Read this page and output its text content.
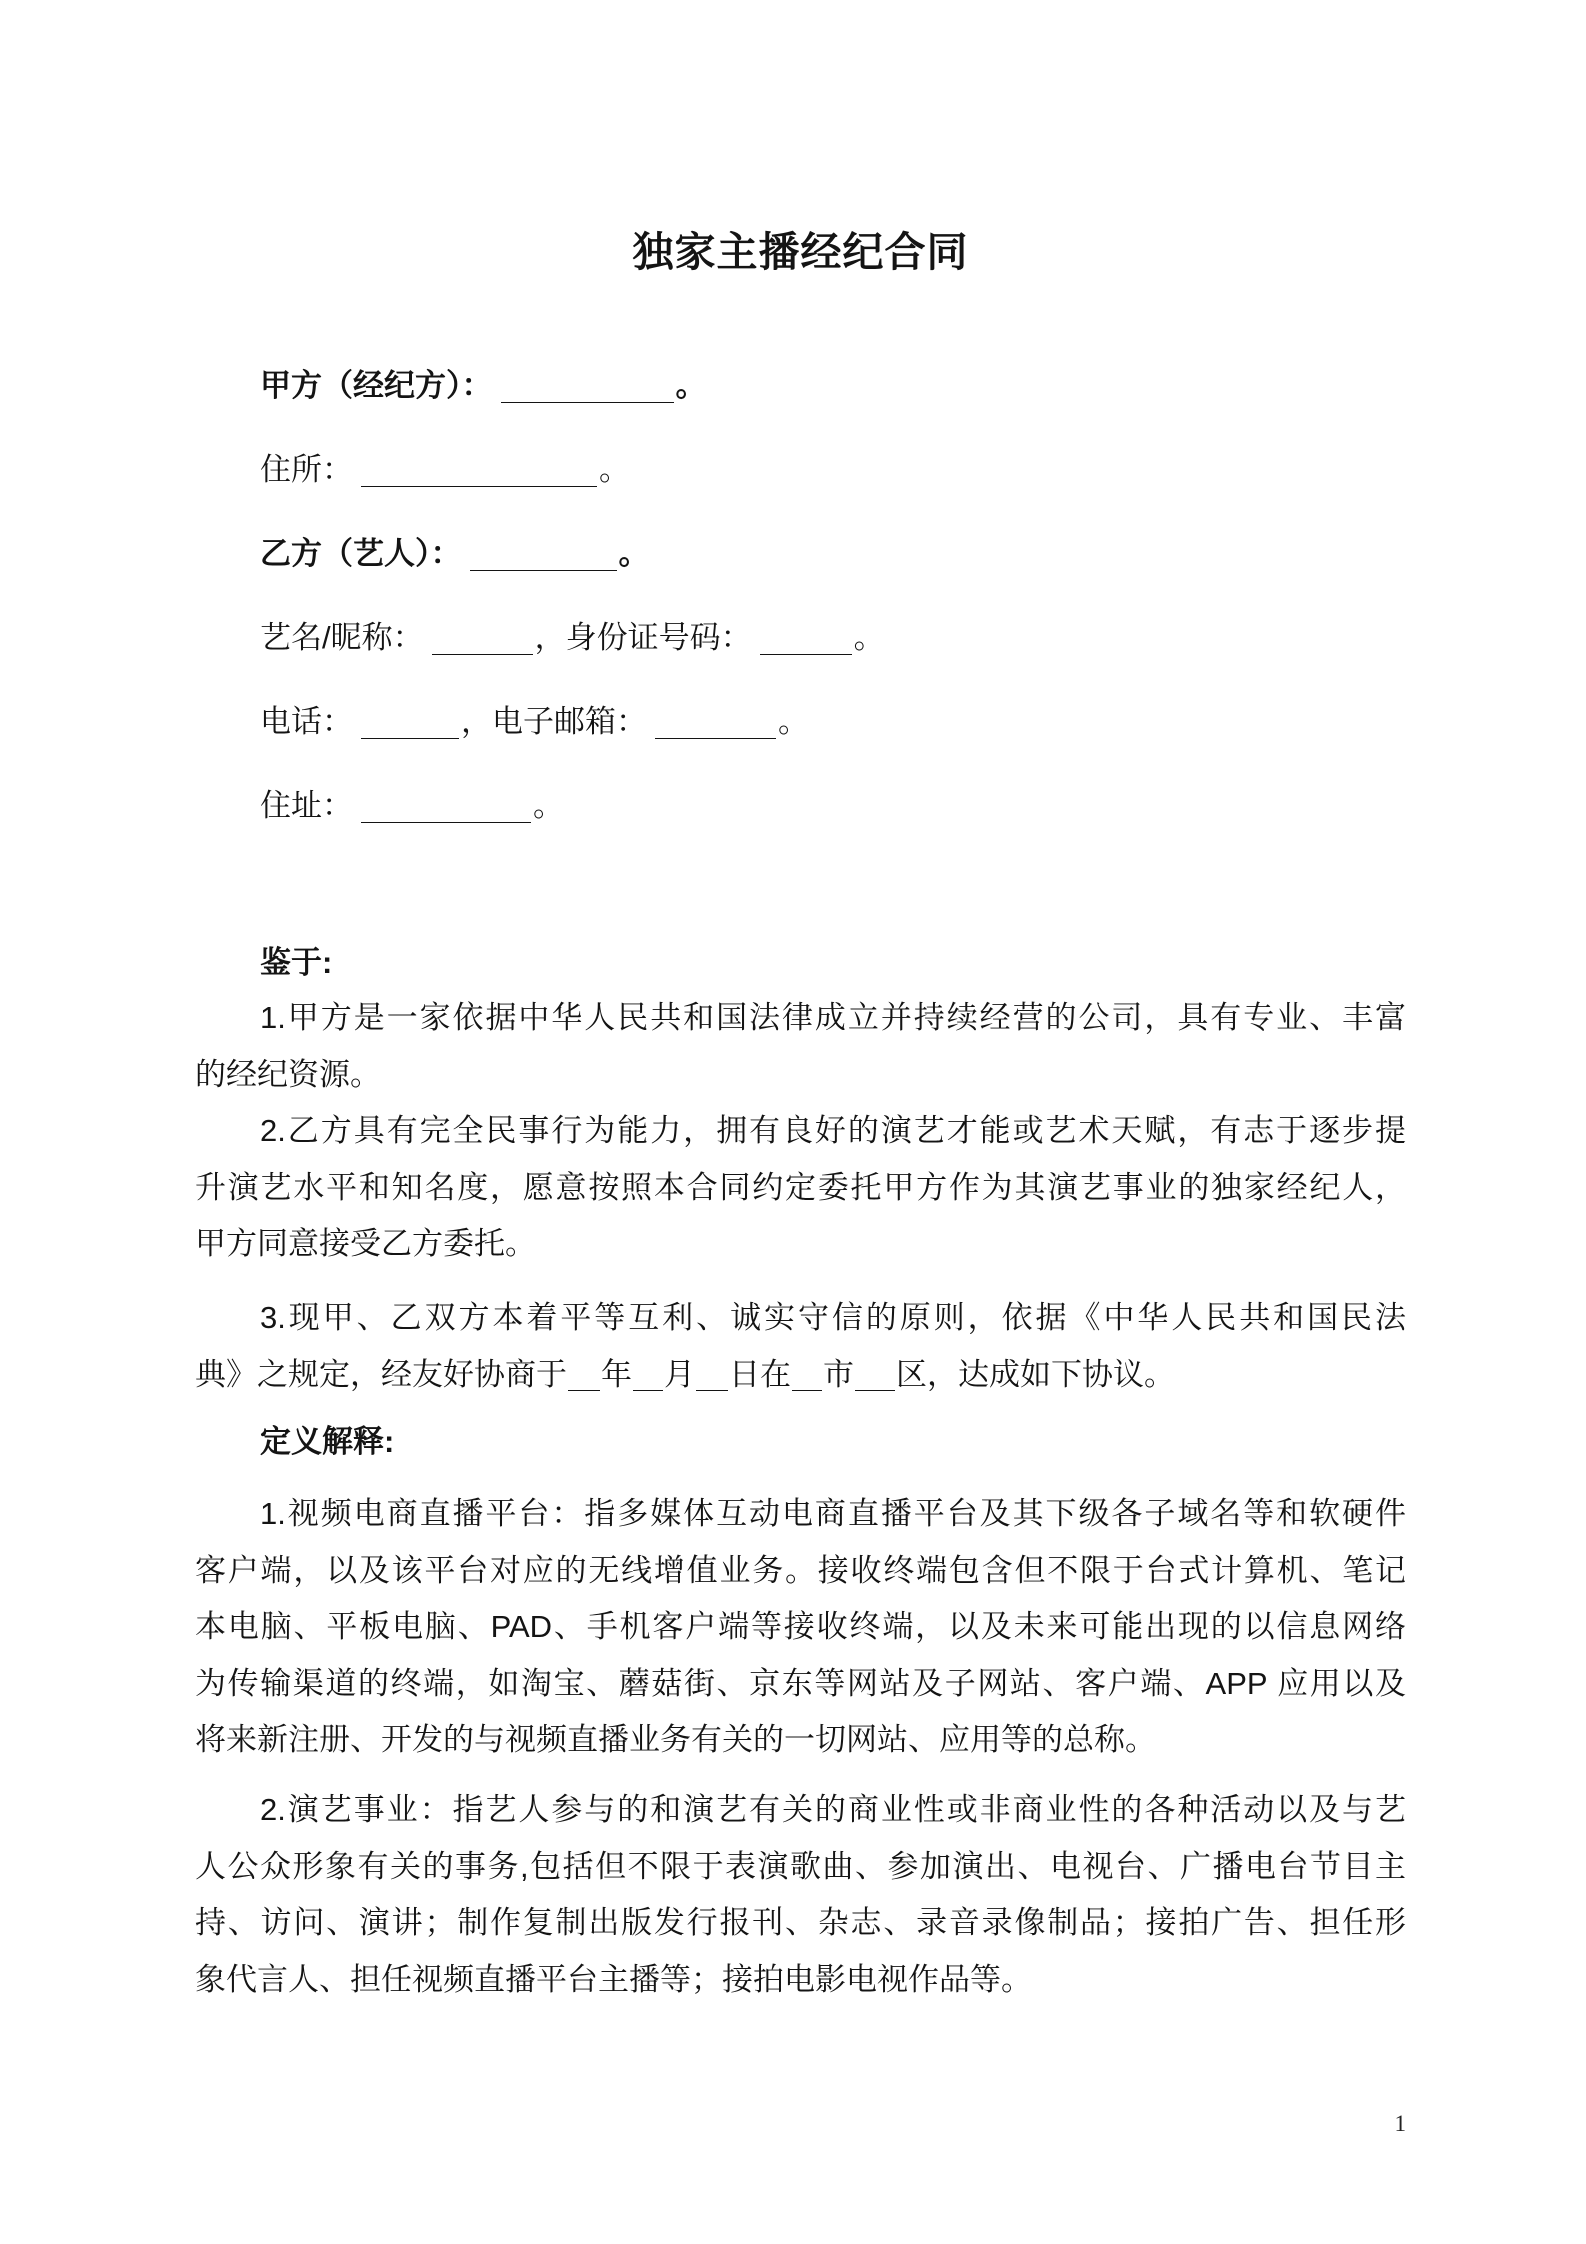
独家主播经纪合同
甲方（经纪方）：	。
住所：	。
乙方（艺人）：	。
艺名/昵称：	，身份证号码：	。
电话：	，电子邮箱：	。
住址：	。
鉴于:
1.甲方是一家依据中华人民共和国法律成立并持续经营的公司，具有专业、丰富
的经纪资源。
2.乙方具有完全民事行为能力，拥有良好的演艺才能或艺术天赋，有志于逐步提
升演艺水平和知名度，愿意按照本合同约定委托甲方作为其演艺事业的独家经纪人，
甲方同意接受乙方委托。
3.现甲、乙双方本着平等互利、诚实守信的原则，依据《中华人民共和国民法
典》之规定，经友好协商于 年 月 日在 市 区，达成如下协议。
定义解释:
1.视频电商直播平台：指多媒体互动电商直播平台及其下级各子域名等和软硬件
客户端，以及该平台对应的无线增值业务。接收终端包含但不限于台式计算机、笔记
本电脑、平板电脑、PAD、手机客户端等接收终端，以及未来可能出现的以信息网络
为传输渠道的终端，如淘宝、蘑菇街、京东等网站及子网站、客户端、APP 应用以及
将来新注册、开发的与视频直播业务有关的一切网站、应用等的总称。
2.演艺事业：指艺人参与的和演艺有关的商业性或非商业性的各种活动以及与艺
人公众形象有关的事务,包括但不限于表演歌曲、参加演出、电视台、广播电台节目主
持、访问、演讲；制作复制出版发行报刊、杂志、录音录像制品；接拍广告、担任形
象代言人、担任视频直播平台主播等；接拍电影电视作品等。
1
